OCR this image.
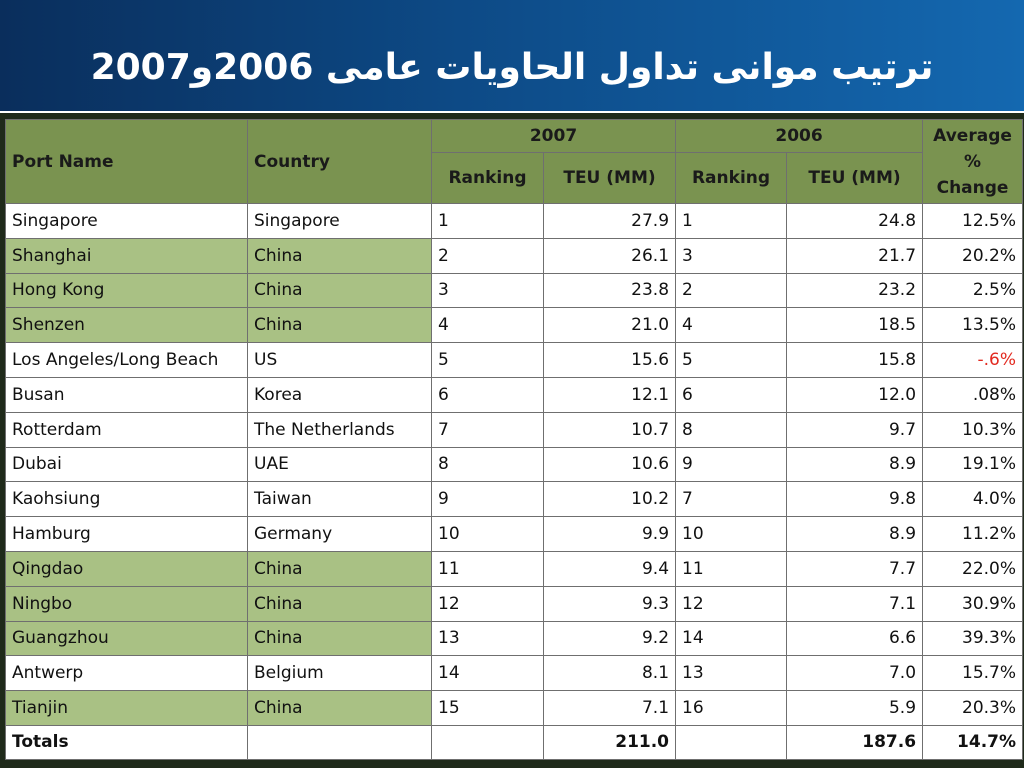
ترتيب موانى تداول الحاويات عامى 2006و2007
Port Name	Country	2007		2006		Average
%
Change

		Ranking	TEU (MM)	Ranking	TEU (MM)	
Singapore	Singapore	1	27.9	1	24.8	12.5%
Shanghai	China	2	26.1	3	21.7	20.2%
Hong Kong	China	3	23.8	2	23.2	2.5%
Shenzen	China	4	21.0	4	18.5	13.5%
Los Angeles/Long Beach	US	5	15.6	5	15.8	-.6%
Busan	Korea	6	12.1	6	12.0	.08%
Rotterdam	The Netherlands	7	10.7	8	9.7	10.3%
Dubai	UAE	8	10.6	9	8.9	19.1%
Kaohsiung	Taiwan	9	10.2	7	9.8	4.0%
Hamburg	Germany	10	9.9	10	8.9	11.2%
Qingdao	China	11	9.4	11	7.7	22.0%
Ningbo	China	12	9.3	12	7.1	30.9%
Guangzhou	China	13	9.2	14	6.6	39.3%
Antwerp	Belgium	14	8.1	13	7.0	15.7%
Tianjin	China	15	7.1	16	5.9	20.3%
Totals			211.0		187.6	14.7%
